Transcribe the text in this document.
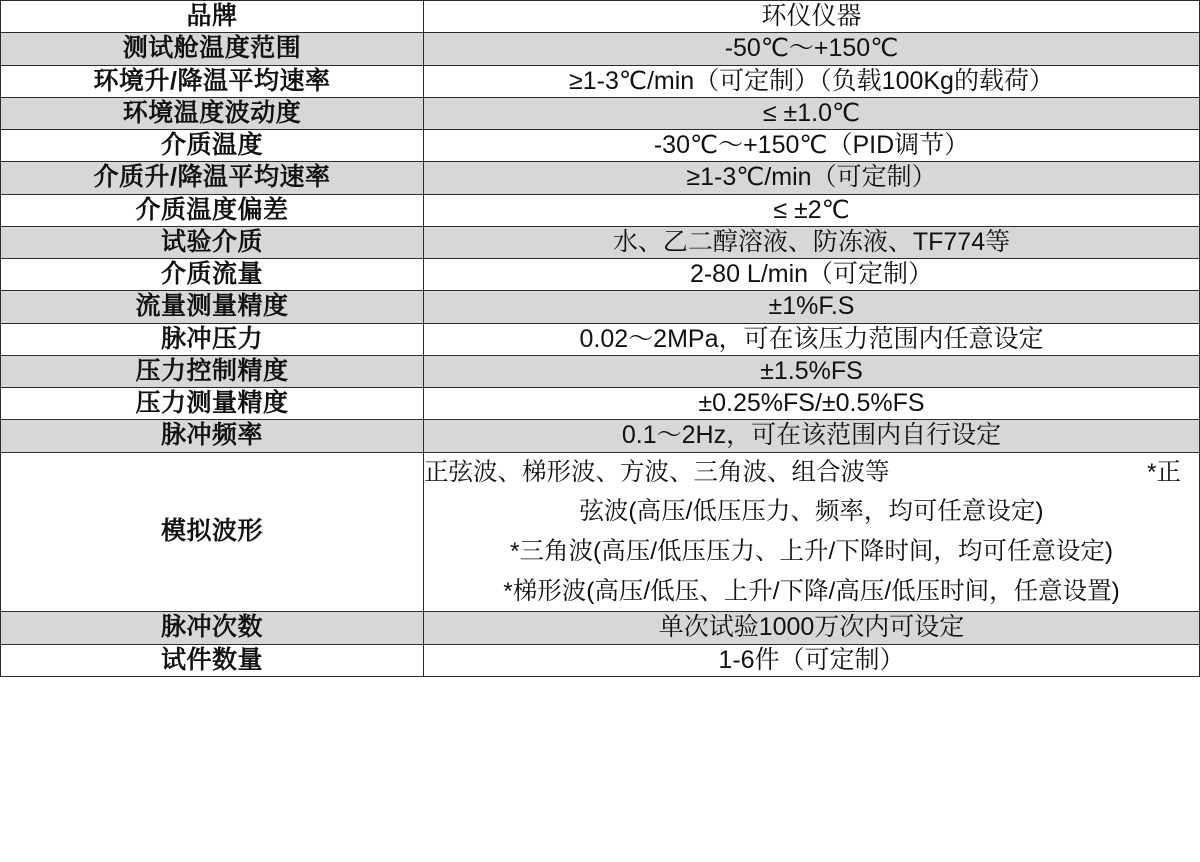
品牌	环仪仪器
测试舱温度范围	-50℃～+150℃
环境升/降温平均速率	≥1-3℃/min（可定制）（负载100Kg的载荷）
环境温度波动度	≤ ±1.0℃
介质温度	-30℃～+150℃（PID调节）
介质升/降温平均速率	≥1-3℃/min（可定制）
介质温度偏差	≤ ±2℃
试验介质	水、乙二醇溶液、防冻液、TF774等
介质流量	2-80 L/min（可定制）
流量测量精度	±1%F.S
脉冲压力	0.02～2MPa，可在该压力范围内任意设定
压力控制精度	±1.5%FS
压力测量精度	±0.25%FS/±0.5%FS
脉冲频率	0.1～2Hz，可在该范围内自行设定
模拟波形	正弦波、梯形波、方波、三角波、组合波等 *正
弦波(高压/低压压力、频率，均可任意设定)
*三角波(高压/低压压力、上升/下降时间，均可任意设定)
*梯形波(高压/低压、上升/下降/高压/低压时间，任意设置)

脉冲次数	单次试验1000万次内可设定
试件数量	1-6件（可定制）
